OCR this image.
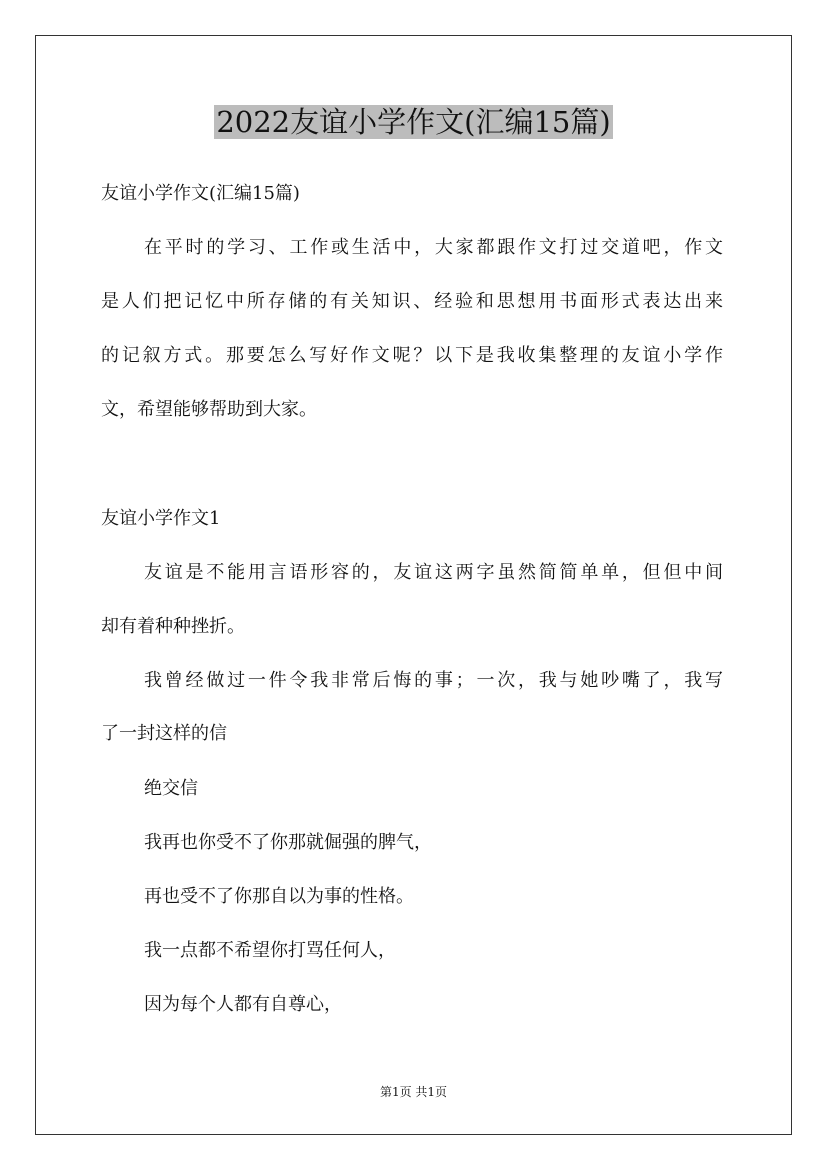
2022友谊小学作文(汇编15篇)
友谊小学作文(汇编15篇)
在平时的学习、工作或生活中，大家都跟作文打过交道吧，作文
是人们把记忆中所存储的有关知识、经验和思想用书面形式表达出来
的记叙方式。那要怎么写好作文呢？以下是我收集整理的友谊小学作
文，希望能够帮助到大家。
友谊小学作文1
友谊是不能用言语形容的，友谊这两字虽然简简单单，但但中间
却有着种种挫折。
我曾经做过一件令我非常后悔的事；一次，我与她吵嘴了，我写
了一封这样的信
绝交信
我再也你受不了你那就倔强的脾气，
再也受不了你那自以为事的性格。
我一点都不希望你打骂任何人，
因为每个人都有自尊心，
第1页 共1页
